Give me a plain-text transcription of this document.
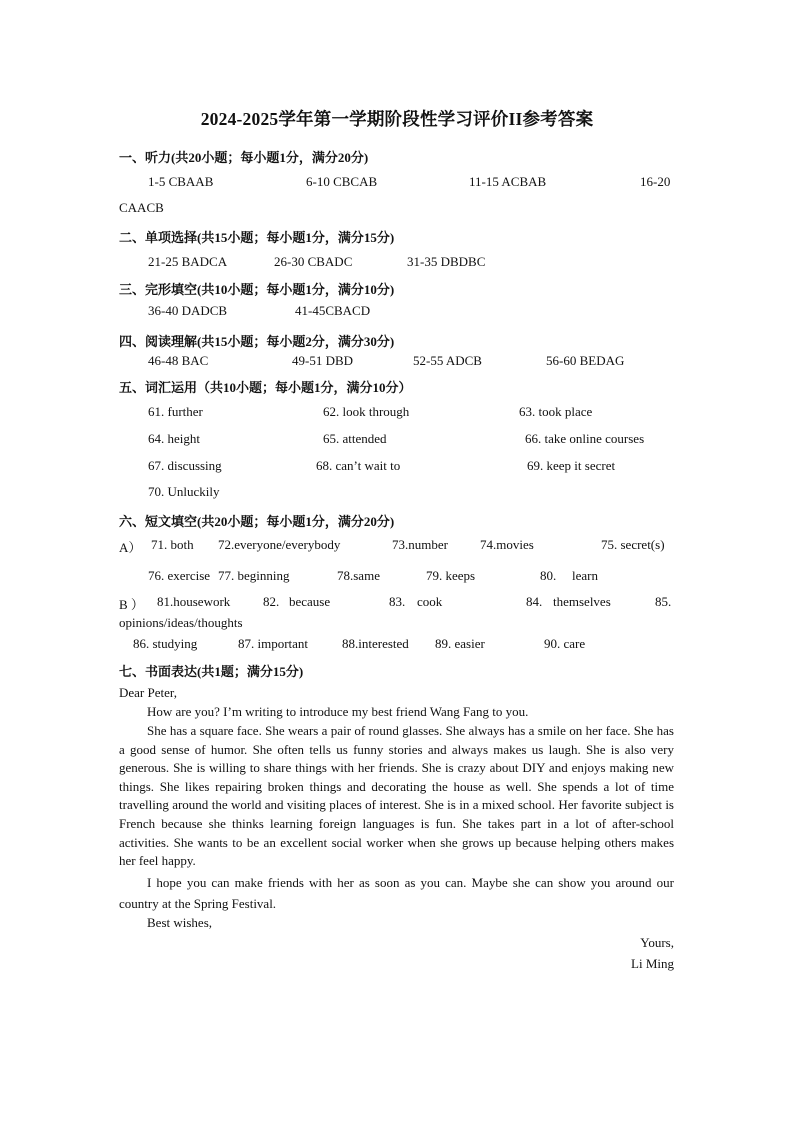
2024-2025学年第一学期阶段性学习评价II参考答案
一、听力(共20小题；每小题1分，满分20分)
1-5 CBAAB	6-10 CBCAB	11-15 ACBAB	16-20
CAACB
二、单项选择(共15小题；每小题1分，满分15分)
21-25 BADCA	26-30 CBADC	31-35 DBDBC
三、完形填空(共10小题；每小题1分，满分10分)
36-40 DADCB	41-45CBACD
四、阅读理解(共15小题；每小题2分，满分30分)
46-48 BAC	49-51 DBD	52-55 ADCB	56-60 BEDAG
五、词汇运用（共10小题；每小题1分，满分10分）
61. further	62. look through	63. took place
64. height	65. attended	66. take online courses
67. discussing	68. can’t wait to	69. keep it secret
70. Unluckily
六、短文填空(共20小题；每小题1分，满分20分)
A） 71. both 72.everyone/everybody	73.number 74.movies	75. secret(s)
76. exercise 77. beginning	78.same	79. keeps	80. learn
B ） 81.housework	82. because	83. cook	84. themselves	85.
opinions/ideas/thoughts
86. studying	87. important	88.interested 89. easier	90. care
七、书面表达(共1题；满分15分)
Dear Peter,
How are you? I’m writing to introduce my best friend Wang Fang to you.
She has a square face. She wears a pair of round glasses. She always has a smile on her face. She has a good sense of humor. She often tells us funny stories and always makes us laugh. She is also very generous. She is willing to share things with her friends. She is crazy about DIY and enjoys making new things. She likes repairing broken things and decorating the house as well. She spends a lot of time travelling around the world and visiting places of interest. She is in a mixed school. Her favorite subject is French because she thinks learning foreign languages is fun. She takes part in a lot of after-school activities. She wants to be an excellent social worker when she grows up because helping others makes her feel happy.
I hope you can make friends with her as soon as you can. Maybe she can show you around our country at the Spring Festival.
Best wishes,
Yours,
Li Ming
